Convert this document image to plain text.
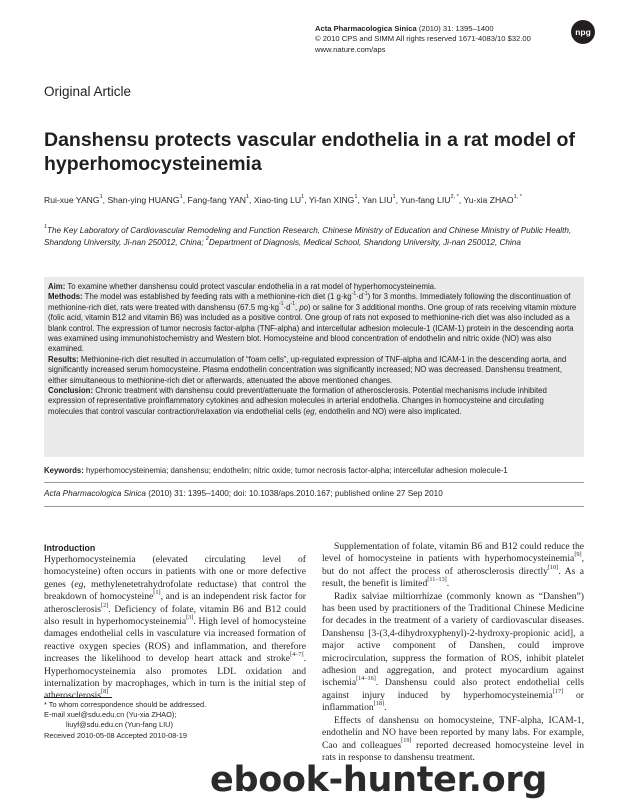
Acta Pharmacologica Sinica (2010) 31: 1395–1400
© 2010 CPS and SIMM All rights reserved 1671-4083/10 $32.00
www.nature.com/aps
npg
Original Article
Danshensu protects vascular endothelia in a rat model of hyperhomocysteinemia
Rui-xue YANG$^1$, Shan-ying HUANG$^1$, Fang-fang YAN$^1$, Xiao-ting $LU^1$, Yi-fan XING$^1$, Yan LIU$^1$, Yun-fang $LIU^{2, *}$, Yu-xia $ZHAO^{1, *}$
$^1$The Key Laboratory of Cardiovascular Remodeling and Function Research, Chinese Ministry of Education and Chinese Ministry of Public Health, Shandong University, Ji-nan 250012, China; $^2$Department of Diagnosis, Medical School, Shandong University, Ji-nan 250012, China
Aim: To examine whether danshensu could protect vascular endothelia in a rat model of hyperhomocysteinemia.
Methods: The model was established by feeding rats with a methionine-rich diet (1 $g\cdot kg^{-1}\cdot d^{-1}$) for 3 months. Immediately following the discontinuation of methionine-rich diet, rats were treated with danshensu (67.5 $mg\cdot kg^{-1}\cdot d^{-1}$, po) or saline for 3 additional months. One group of rats receiving vitamin mixture (folic acid, vitamin B12 and vitamin B6) was included as a positive control. One group of rats not exposed to methionine-rich diet was also included as a blank control. The expression of tumor necrosis factor-alpha (TNF-alpha) and intercellular adhesion molecule-1 (ICAM-1) protein in the descending aorta was examined using immunohistochemistry and Western blot. Homocysteine and blood concentration of endothelin and nitric oxide (NO) was also examined.
Results: Methionine-rich diet resulted in accumulation of “foam cells”, up-regulated expression of TNF-alpha and ICAM-1 in the descending aorta, and significantly increased serum homocysteine. Plasma endothelin concentration was significantly increased; NO was decreased. Danshensu treatment, either simultaneous to methionine-rich diet or afterwards, attenuated the above mentioned changes.
Conclusion: Chronic treatment with danshensu could prevent/attenuate the formation of atherosclerosis. Potential mechanisms include inhibited expression of representative proinflammatory cytokines and adhesion molecules in arterial endothelia. Changes in homocysteine and circulating molecules that control vascular contraction/relaxation via endothelial cells (eg, endothelin and NO) were also implicated.
Keywords: hyperhomocysteinemia; danshensu; endothelin; nitric oxide; tumor necrosis factor-alpha; intercellular adhesion molecule-1
Acta Pharmacologica Sinica (2010) 31: 1395–1400; doi: 10.1038/aps.2010.167; published online 27 Sep 2010
Introduction

Hyperhomocysteinemia (elevated circulating level of homocysteine) often occurs in patients with one or more defective genes (eg, methylenetetrahydrofolate reductase) that control the breakdown of homocysteine[1], and is an independent risk factor for atherosclerosis[2]. Deficiency of folate, vitamin B6 and B12 could also result in hyperhomocysteinemia[3]. High level of homocysteine damages endothelial cells in vasculature via increased formation of reactive oxygen species (ROS) and inflammation, and therefore increases the likelihood to develop heart attack and stroke[4–7]. Hyperhomocysteinemia also promotes LDL oxidation and internalization by macrophages, which in turn is the initial step of atherosclerosis[8].

Supplementation of folate, vitamin B6 and B12 could reduce the level of homocysteine in patients with hyperhomocysteinemia[9], but do not affect the process of atherosclerosis directly[10]. As a result, the benefit is limited[11–13].

Radix salviae miltiorrhizae (commonly known as “Danshen”) has been used by practitioners of the Traditional Chinese Medicine for decades in the treatment of a variety of cardiovascular diseases. Danshensu [3-(3,4-dihydroxyphenyl)-2-hydroxy-propionic acid], a major active component of Danshen, could improve microcirculation, suppress the formation of ROS, inhibit platelet adhesion and aggregation, and protect myocardium against ischemia[14–16]. Danshensu could also protect endothelial cells against injury induced by hyperhomocysteinemia[17] or inflammation[18].

Effects of danshensu on homocysteine, TNF-alpha, ICAM-1, endothelin and NO have been reported by many labs. For example, Cao and colleagues[19] reported decreased homocysteine level in rats in response to danshensu treatment.

* To whom correspondence should be addressed.
E-mail xuel@sdu.edu.cn (Yu-xia ZHAO);
liuyf@sdu.edu.cn (Yun-fang LIU)
Received 2010-05-08 Accepted 2010-08-19
ebook-hunter.org
